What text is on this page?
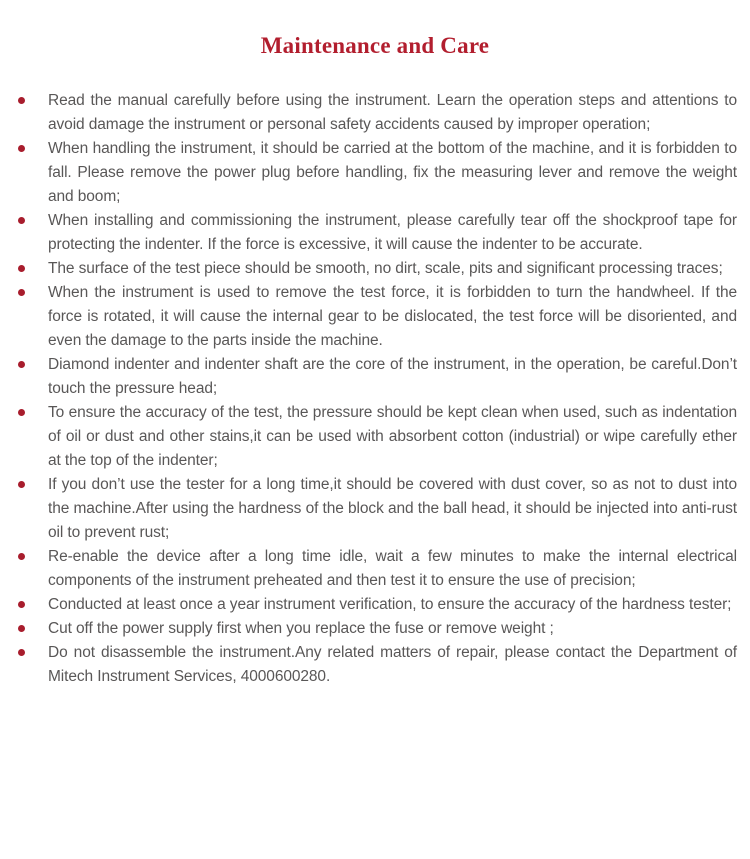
Maintenance and Care
Read the manual carefully before using the instrument. Learn the operation steps and attentions to avoid damage the instrument or personal safety accidents caused by improper operation;
When handling the instrument, it should be carried at the bottom of the machine, and it is forbidden to fall. Please remove the power plug before handling, fix the measuring lever and remove the weight and boom;
When installing and commissioning the instrument, please carefully tear off the shockproof tape for protecting the indenter. If the force is excessive, it will cause the indenter to be accurate.
The surface of the test piece should be smooth, no dirt, scale, pits and significant processing traces;
When the instrument is used to remove the test force, it is forbidden to turn the handwheel. If the force is rotated, it will cause the internal gear to be dislocated, the test force will be disoriented, and even the damage to the parts inside the machine.
Diamond indenter and indenter shaft are the core of the instrument, in the operation, be careful.Don’t touch the pressure head;
To ensure the accuracy of the test, the pressure should be kept clean when used, such as indentation of oil or dust and other stains,it can be used with absorbent cotton (industrial) or wipe carefully ether at the top of the indenter;
If you don’t use the tester for a long time,it should be covered with dust cover, so as not to dust into the machine.After using the hardness of the block and the ball head, it should be injected into anti-rust oil to prevent rust;
Re-enable the device after a long time idle, wait a few minutes to make the internal electrical components of the instrument preheated and then test it to ensure the use of precision;
Conducted at least once a year instrument verification, to ensure the accuracy of the hardness tester;
Cut off the power supply first when you replace the fuse or remove weight ;
Do not disassemble the instrument.Any related matters of repair, please contact the Department of Mitech Instrument Services, 4000600280.
